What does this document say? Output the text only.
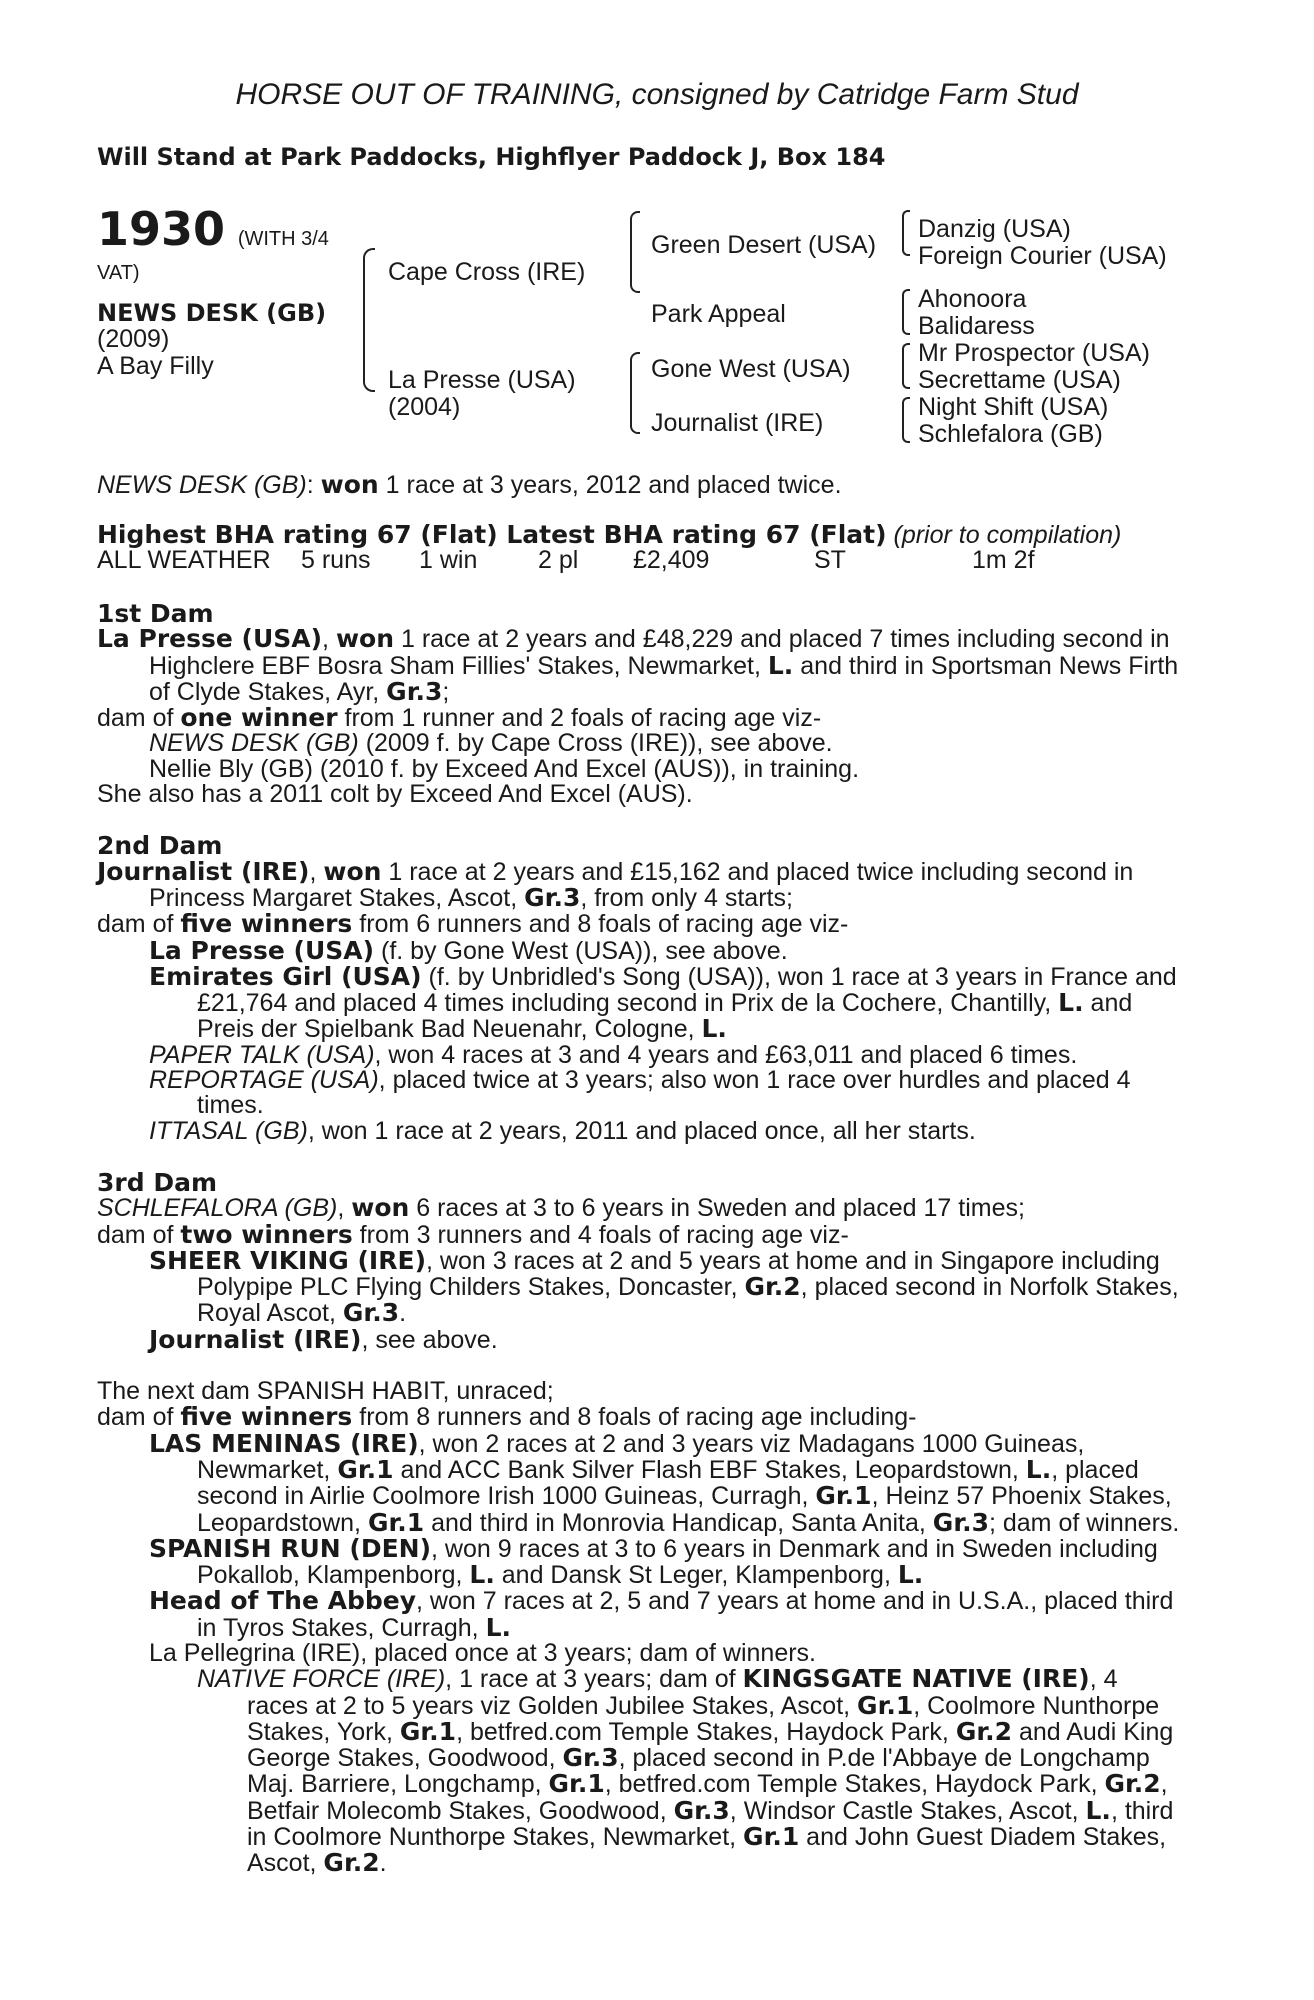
HORSE OUT OF TRAINING, consigned by Catridge Farm Stud
Will Stand at Park Paddocks, Highflyer Paddock J, Box 184
1930 (WITH 3/4
VAT)
NEWS DESK (GB)
(2009)
A Bay Filly
Cape Cross (IRE)
La Presse (USA)
(2004)
Green Desert (USA)
Park Appeal
Gone West (USA)
Journalist (IRE)
Danzig (USA)
Foreign Courier (USA)
Ahonoora
Balidaress
Mr Prospector (USA)
Secrettame (USA)
Night Shift (USA)
Schlefalora (GB)
NEWS DESK (GB): won 1 race at 3 years, 2012 and placed twice.
Highest BHA rating 67 (Flat) Latest BHA rating 67 (Flat) (prior to compilation)
ALL WEATHER 5 runs 1 win 2 pl £2,409	ST	1m 2f

1st Dam

La Presse (USA), won 1 race at 2 years and £48,229 and placed 7 times including second in

Highclere EBF Bosra Sham Fillies' Stakes, Newmarket, L. and third in Sportsman News Firth

of Clyde Stakes, Ayr, Gr.3;

dam of one winner from 1 runner and 2 foals of racing age viz-

NEWS DESK (GB) (2009 f. by Cape Cross (IRE)), see above.

Nellie Bly (GB) (2010 f. by Exceed And Excel (AUS)), in training.

She also has a 2011 colt by Exceed And Excel (AUS).

2nd Dam

Journalist (IRE), won 1 race at 2 years and £15,162 and placed twice including second in

Princess Margaret Stakes, Ascot, Gr.3, from only 4 starts;

dam of five winners from 6 runners and 8 foals of racing age viz-

La Presse (USA) (f. by Gone West (USA)), see above.

Emirates Girl (USA) (f. by Unbridled's Song (USA)), won 1 race at 3 years in France and

£21,764 and placed 4 times including second in Prix de la Cochere, Chantilly, L. and

Preis der Spielbank Bad Neuenahr, Cologne, L.

PAPER TALK (USA), won 4 races at 3 and 4 years and £63,011 and placed 6 times.

REPORTAGE (USA), placed twice at 3 years; also won 1 race over hurdles and placed 4

times.

ITTASAL (GB), won 1 race at 2 years, 2011 and placed once, all her starts.

3rd Dam

SCHLEFALORA (GB), won 6 races at 3 to 6 years in Sweden and placed 17 times;

dam of two winners from 3 runners and 4 foals of racing age viz-

SHEER VIKING (IRE), won 3 races at 2 and 5 years at home and in Singapore including

Polypipe PLC Flying Childers Stakes, Doncaster, Gr.2, placed second in Norfolk Stakes,

Royal Ascot, Gr.3.

Journalist (IRE), see above.

The next dam SPANISH HABIT, unraced;

dam of five winners from 8 runners and 8 foals of racing age including-

LAS MENINAS (IRE), won 2 races at 2 and 3 years viz Madagans 1000 Guineas,

Newmarket, Gr.1 and ACC Bank Silver Flash EBF Stakes, Leopardstown, L., placed

second in Airlie Coolmore Irish 1000 Guineas, Curragh, Gr.1, Heinz 57 Phoenix Stakes,

Leopardstown, Gr.1 and third in Monrovia Handicap, Santa Anita, Gr.3; dam of winners.

SPANISH RUN (DEN), won 9 races at 3 to 6 years in Denmark and in Sweden including

Pokallob, Klampenborg, L. and Dansk St Leger, Klampenborg, L.

Head of The Abbey, won 7 races at 2, 5 and 7 years at home and in U.S.A., placed third

in Tyros Stakes, Curragh, L.

La Pellegrina (IRE), placed once at 3 years; dam of winners.

NATIVE FORCE (IRE), 1 race at 3 years; dam of KINGSGATE NATIVE (IRE), 4

races at 2 to 5 years viz Golden Jubilee Stakes, Ascot, Gr.1, Coolmore Nunthorpe

Stakes, York, Gr.1, betfred.com Temple Stakes, Haydock Park, Gr.2 and Audi King

George Stakes, Goodwood, Gr.3, placed second in P.de l'Abbaye de Longchamp

Maj. Barriere, Longchamp, Gr.1, betfred.com Temple Stakes, Haydock Park, Gr.2,

Betfair Molecomb Stakes, Goodwood, Gr.3, Windsor Castle Stakes, Ascot, L., third

in Coolmore Nunthorpe Stakes, Newmarket, Gr.1 and John Guest Diadem Stakes,

Ascot, Gr.2.
